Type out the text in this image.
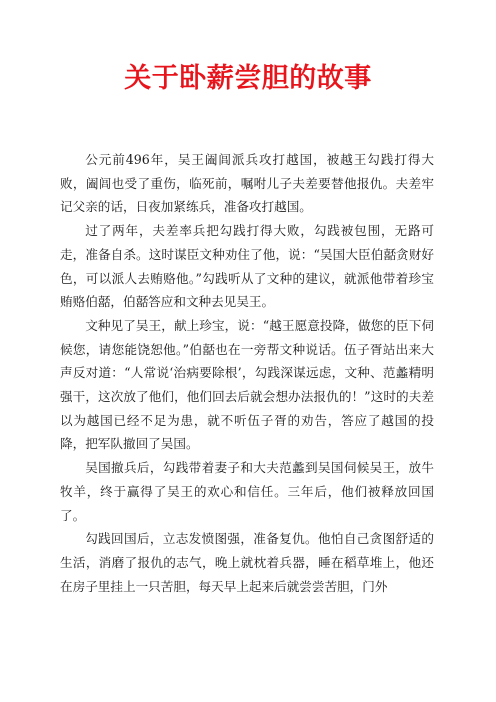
关于卧薪尝胆的故事

公元前496年，吴王阖闾派兵攻打越国，被越王勾践打得大败，阖闾也受了重伤，临死前，嘱咐儿子夫差要替他报仇。夫差牢记父亲的话，日夜加紧练兵，准备攻打越国。

过了两年，夫差率兵把勾践打得大败，勾践被包围，无路可走，准备自杀。这时谋臣文种劝住了他，说：“吴国大臣伯嚭贪财好色，可以派人去贿赂他。”勾践听从了文种的建议，就派他带着珍宝贿赂伯嚭，伯嚭答应和文种去见吴王。

文种见了吴王，献上珍宝，说：“越王愿意投降，做您的臣下伺候您，请您能饶恕他。”伯嚭也在一旁帮文种说话。伍子胥站出来大声反对道：“人常说‘治病要除根’，勾践深谋远虑，文种、范蠡精明强干，这次放了他们，他们回去后就会想办法报仇的！”这时的夫差以为越国已经不足为患，就不听伍子胥的劝告，答应了越国的投降，把军队撤回了吴国。

吴国撤兵后，勾践带着妻子和大夫范蠡到吴国伺候吴王，放牛牧羊，终于赢得了吴王的欢心和信任。三年后，他们被释放回国了。

勾践回国后，立志发愤图强，准备复仇。他怕自己贪图舒适的生活，消磨了报仇的志气，晚上就枕着兵器，睡在稻草堆上，他还在房子里挂上一只苦胆，每天早上起来后就尝尝苦胆，门外
